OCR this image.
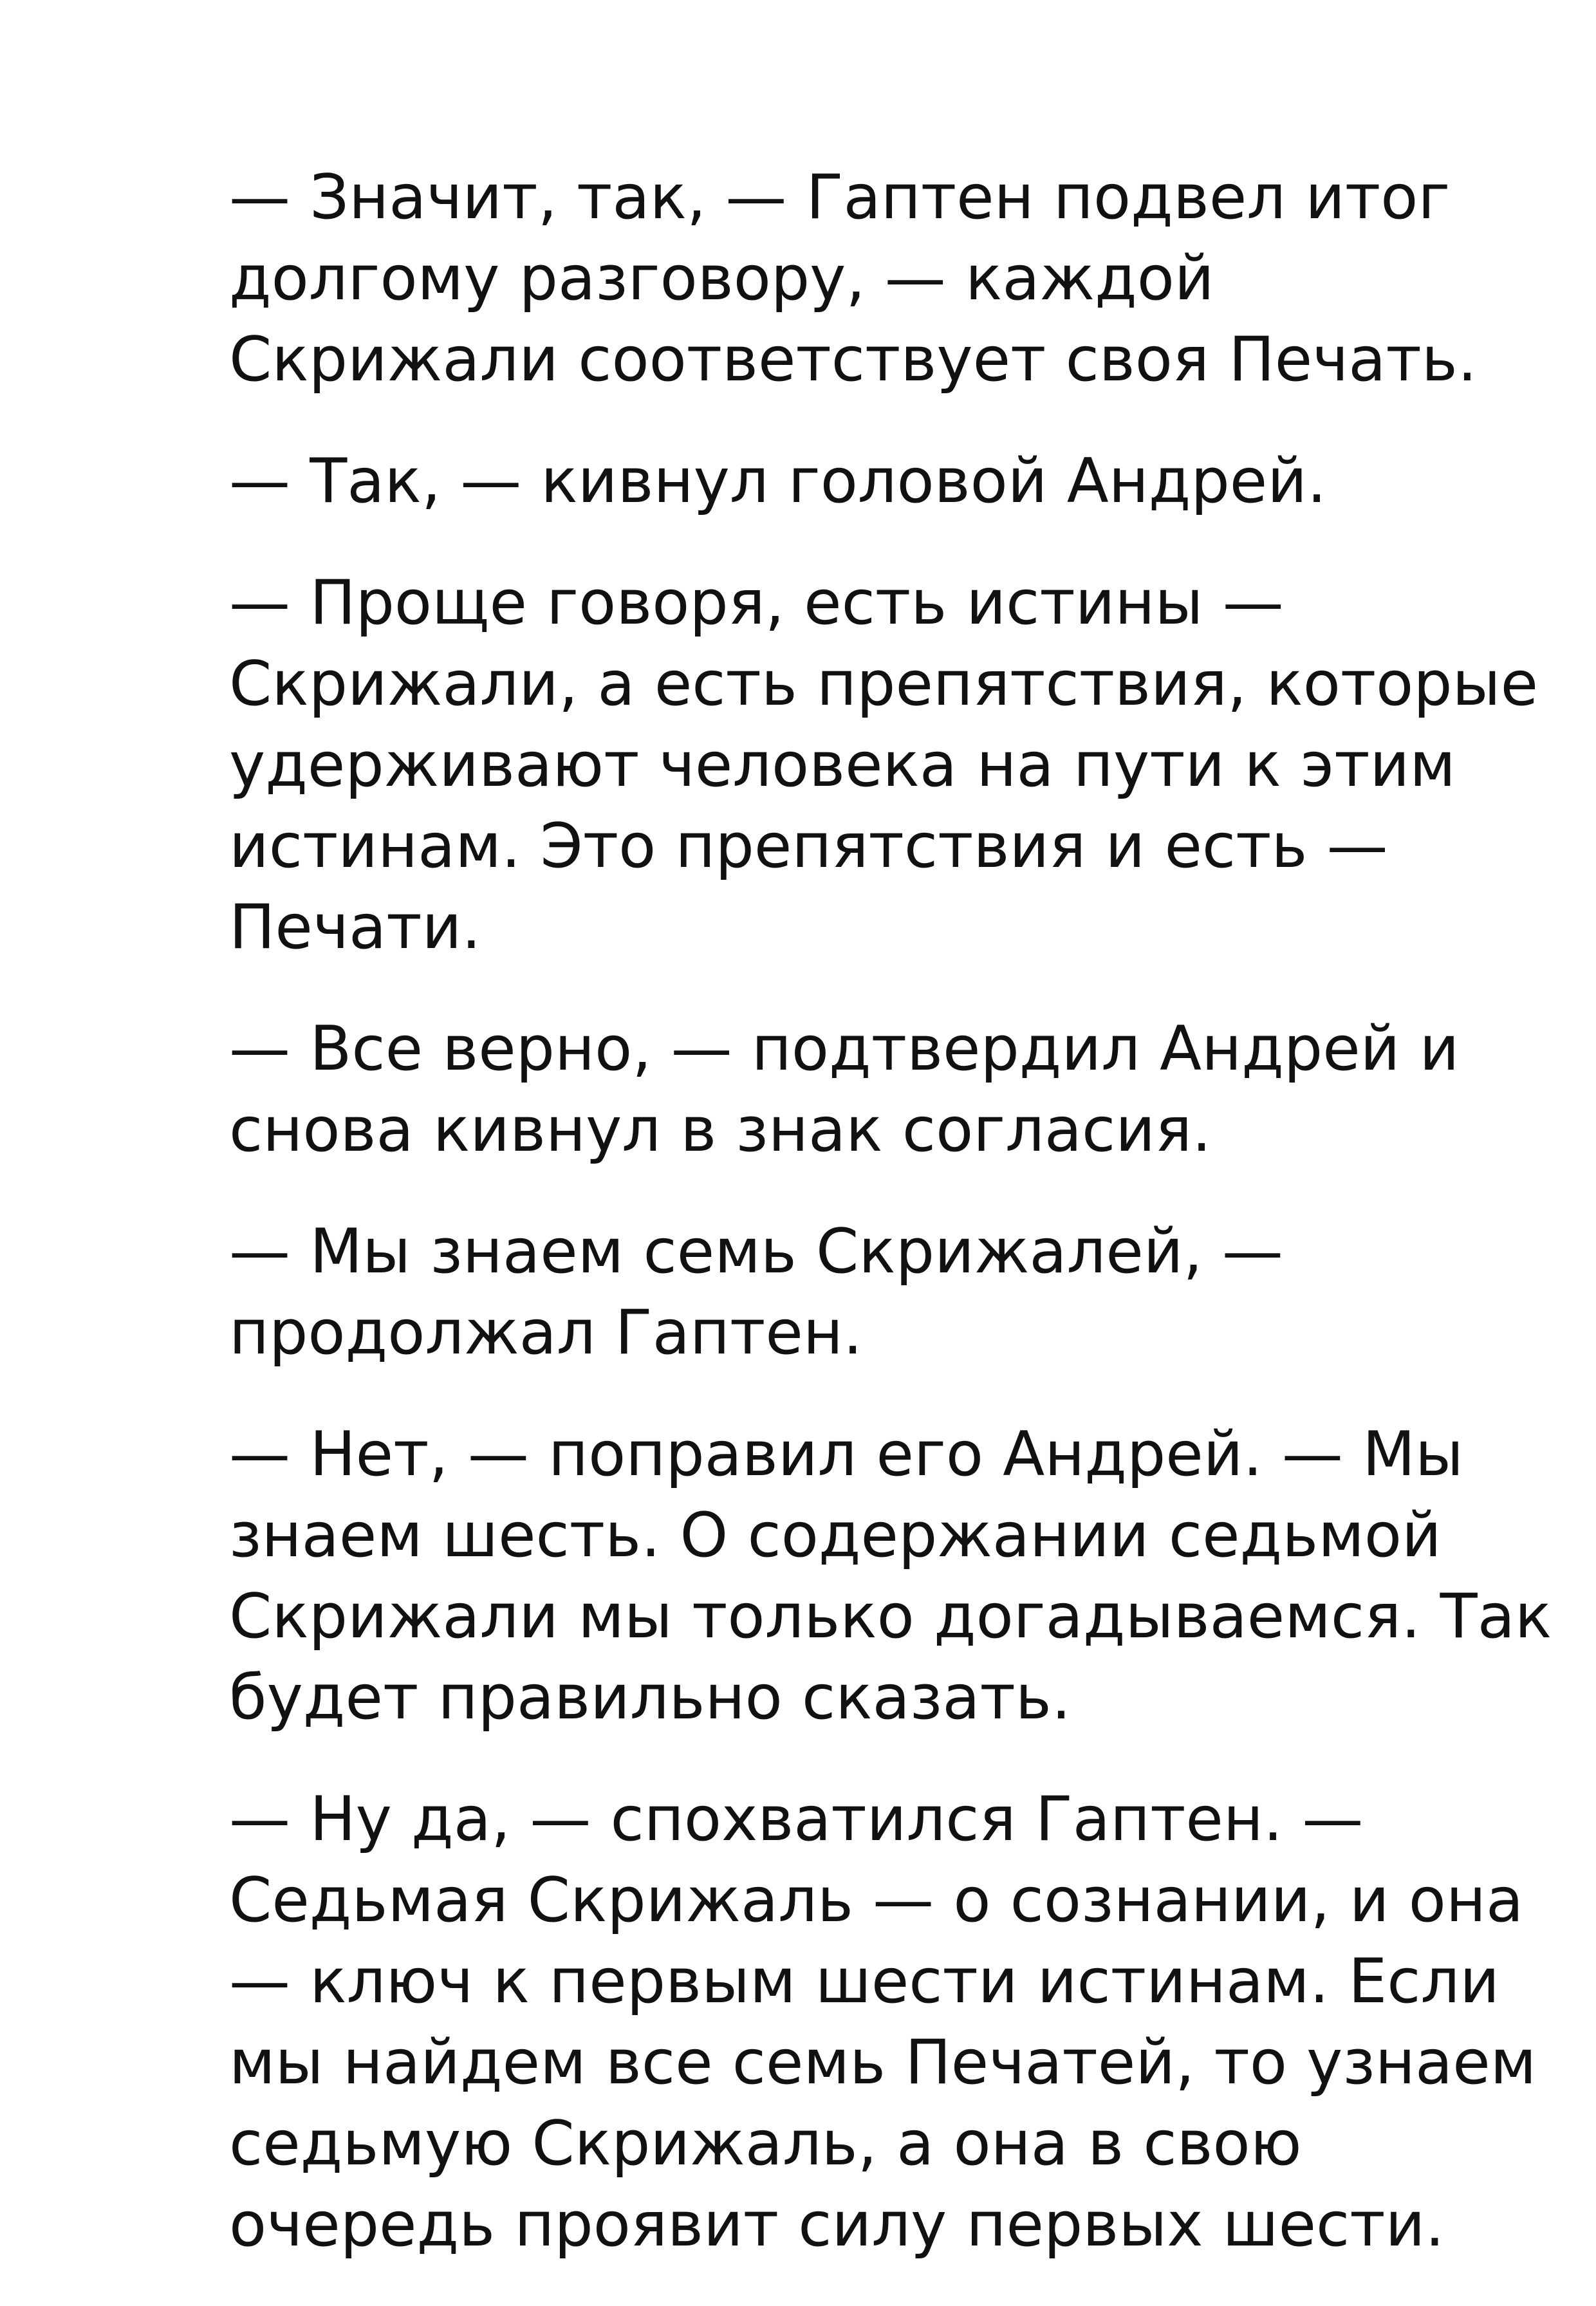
— Значит, так, — Гаптен подвел итог
долгому разговору, — каждой
Скрижали соответствует своя Печать.

— Так, — кивнул головой Андрей.

— Проще говоря, есть истины —
Скрижали, а есть препятствия, которые
удерживают человека на пути к этим
истинам. Это препятствия и есть —
Печати.

— Все верно, — подтвердил Андрей и
снова кивнул в знак согласия.

— Мы знаем семь Скрижалей, —
продолжал Гаптен.

— Нет, — поправил его Андрей. — Мы
знаем шесть. О содержании седьмой
Скрижали мы только догадываемся. Так
будет правильно сказать.

— Ну да, — спохватился Гаптен. —
Седьмая Скрижаль — о сознании, и она
— ключ к первым шести истинам. Если
мы найдем все семь Печатей, то узнаем
седьмую Скрижаль, а она в свою
очередь проявит силу первых шести.
